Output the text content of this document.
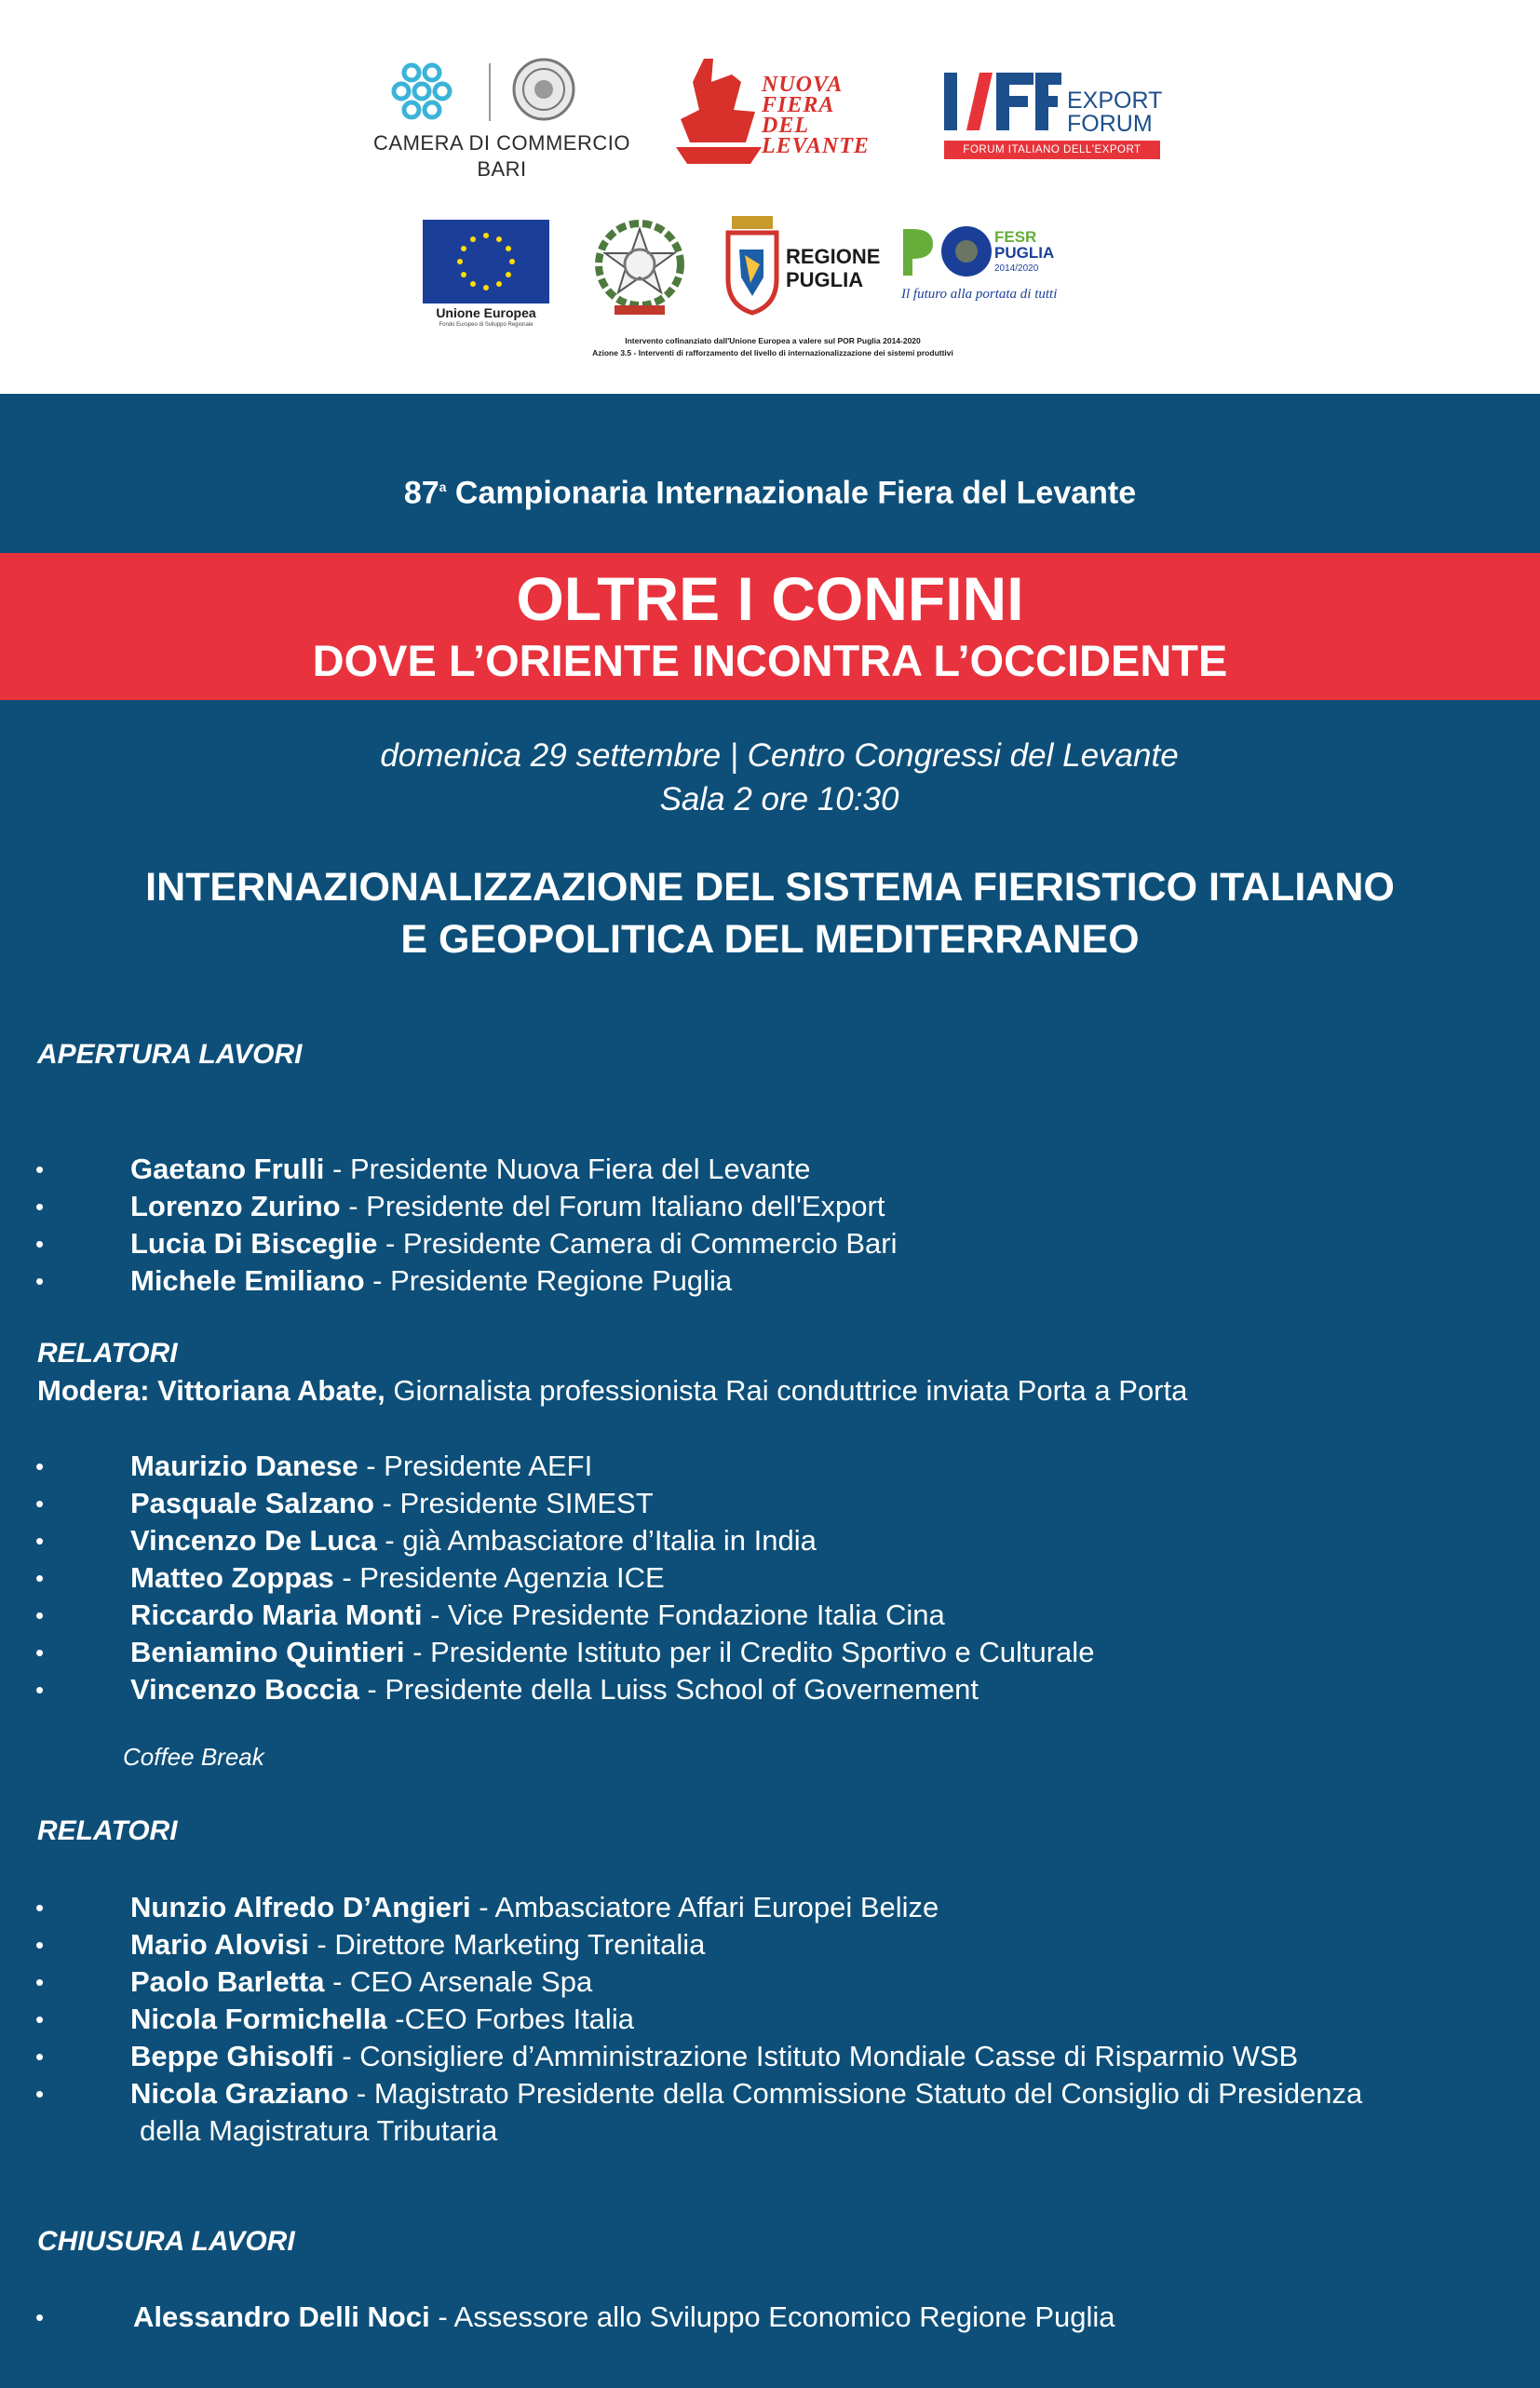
CAMERA DI COMMERCIO
BARI
NUOVA
FIERA
DEL
LEVANTE
EXPORT
FORUM
FORUM ITALIANO DELL'EXPORT
Unione Europea
Fondo Europeo di Sviluppo Regionale
REGIONE
PUGLIA
FESR
PUGLIA
2014/2020
Il futuro alla portata di tutti
Intervento cofinanziato dall'Unione Europea a valere sul POR Puglia 2014-2020
Azione 3.5 - Interventi di rafforzamento del livello di internazionalizzazione dei sistemi produttivi
87$^a$ Campionaria Internazionale Fiera del Levante
OLTRE I CONFINI
DOVE L’ORIENTE INCONTRA L’OCCIDENTE
domenica 29 settembre | Centro Congressi del Levante
Sala 2 ore 10:30
INTERNAZIONALIZZAZIONE DEL SISTEMA FIERISTICO ITALIANO
E GEOPOLITICA DEL MEDITERRANEO
APERTURA LAVORI
•	Gaetano Frulli - Presidente Nuova Fiera del Levante
•	Lorenzo Zurino - Presidente del Forum Italiano dell'Export
•	Lucia Di Bisceglie - Presidente Camera di Commercio Bari
•	Michele Emiliano - Presidente Regione Puglia
RELATORI
Modera: Vittoriana Abate, Giornalista professionista Rai conduttrice inviata Porta a Porta
•	Maurizio Danese - Presidente AEFI
•	Pasquale Salzano - Presidente SIMEST
•	Vincenzo De Luca - già Ambasciatore d’Italia in India
•	Matteo Zoppas - Presidente Agenzia ICE
•	Riccardo Maria Monti - Vice Presidente Fondazione Italia Cina
•	Beniamino Quintieri - Presidente Istituto per il Credito Sportivo e Culturale
•	Vincenzo Boccia - Presidente della Luiss School of Governement
Coffee Break
RELATORI
•	Nunzio Alfredo D’Angieri - Ambasciatore Affari Europei Belize
•	Mario Alovisi - Direttore Marketing Trenitalia
•	Paolo Barletta - CEO Arsenale Spa
•	Nicola Formichella -CEO Forbes Italia
•	Beppe Ghisolfi - Consigliere d’Amministrazione Istituto Mondiale Casse di Risparmio WSB
•	Nicola Graziano - Magistrato Presidente della Commissione Statuto del Consiglio di Presidenza
della Magistratura Tributaria
CHIUSURA LAVORI
•	Alessandro Delli Noci - Assessore allo Sviluppo Economico Regione Puglia
